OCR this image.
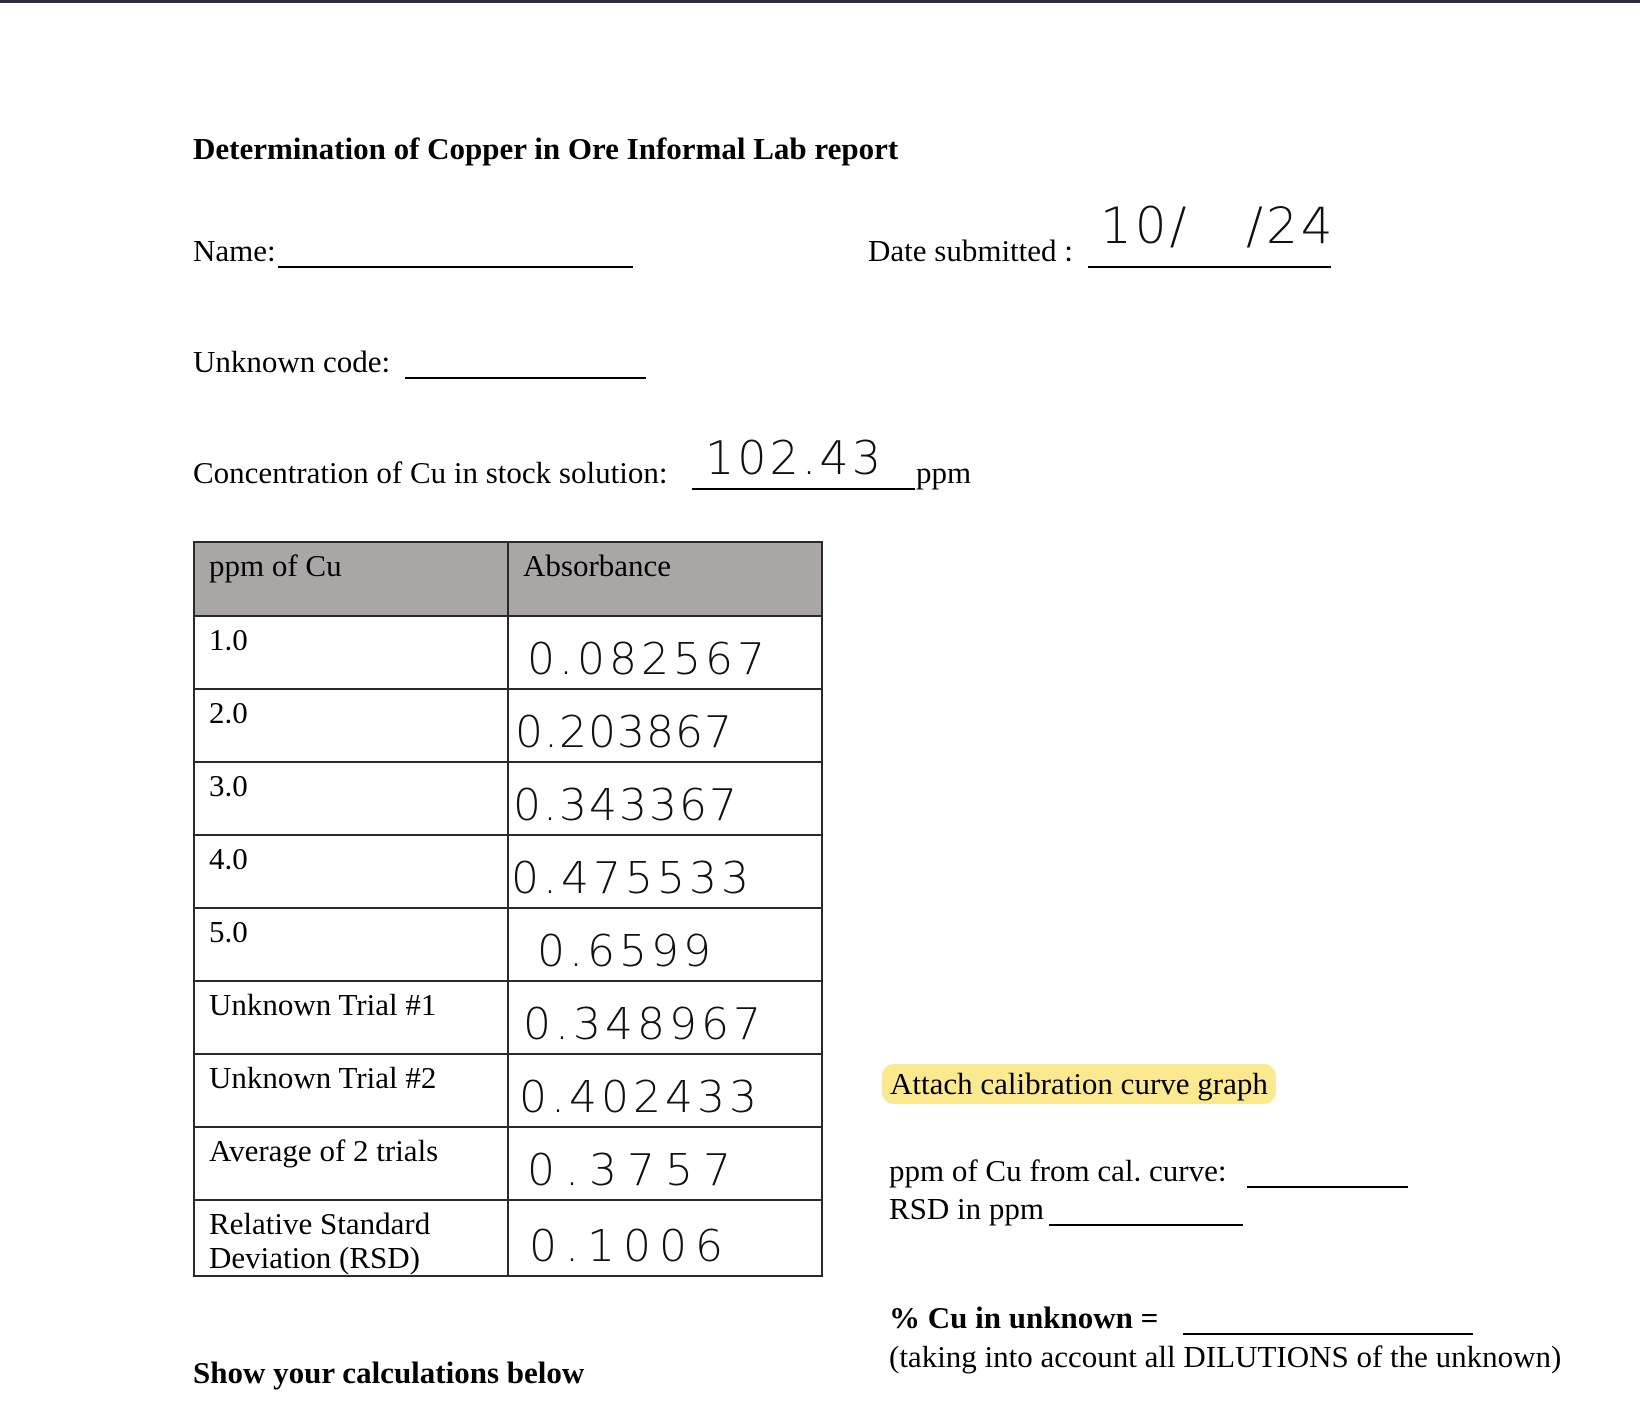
Determination of Copper in Ore Informal Lab report
Name:	Date submitted : 10/   /24
Unknown code:
Concentration of Cu in stock solution: 102.43 ppm
ppm of Cu	Absorbance

1.0	0.082567

2.0	0.203867

3.0	0.343367

4.0	0.475533

5.0	0.6599

Unknown Trial #1	0.348967

Unknown Trial #2	0.402433

Average of 2 trials	0.3757

Relative Standard
Deviation (RSD)	0.1006
Attach calibration curve graph
ppm of Cu from cal. curve:
RSD in ppm
% Cu in unknown =
(taking into account all DILUTIONS of the unknown)
Show your calculations below
